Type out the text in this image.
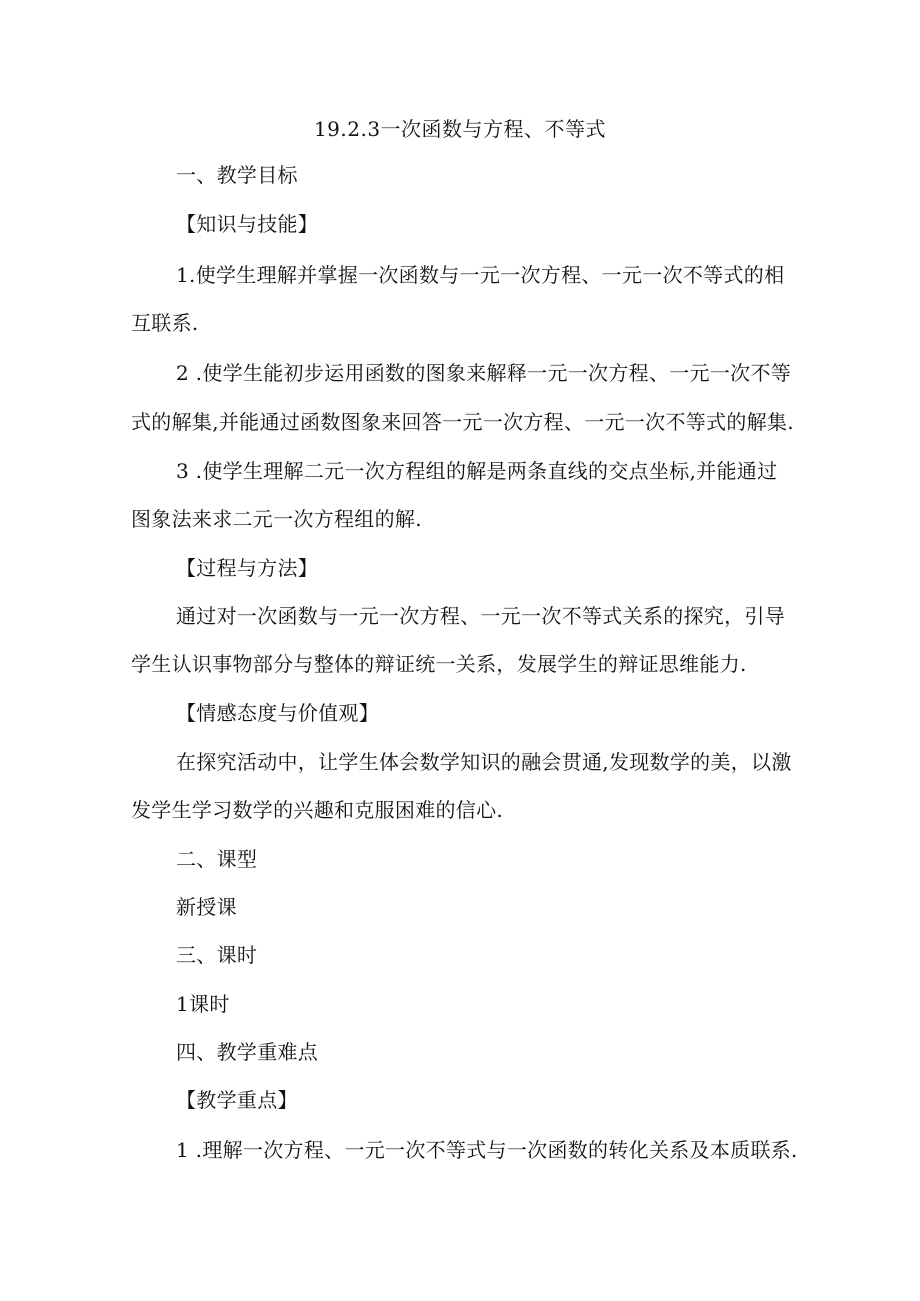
19.2.3一次函数与方程、不等式
一、教学目标
【知识与技能】
1.使学生理解并掌握一次函数与一元一次方程、一元一次不等式的相
互联系.
2 .使学生能初步运用函数的图象来解释一元一次方程、一元一次不等
式的解集,并能通过函数图象来回答一元一次方程、一元一次不等式的解集.
3 .使学生理解二元一次方程组的解是两条直线的交点坐标,并能通过
图象法来求二元一次方程组的解.
【过程与方法】
通过对一次函数与一元一次方程、一元一次不等式关系的探究，引导
学生认识事物部分与整体的辩证统一关系，发展学生的辩证思维能力.
【情感态度与价值观】
在探究活动中，让学生体会数学知识的融会贯通,发现数学的美，以激
发学生学习数学的兴趣和克服困难的信心.
二、课型
新授课
三、课时
1课时
四、教学重难点
【教学重点】
1 .理解一次方程、一元一次不等式与一次函数的转化关系及本质联系.
